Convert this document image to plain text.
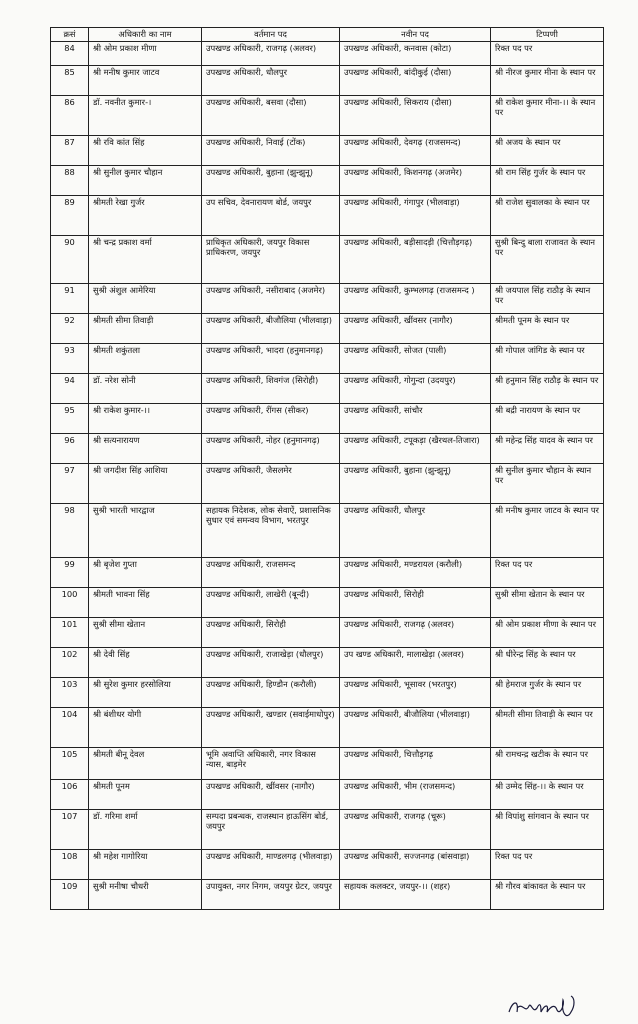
क्रसं	अधिकारी का नाम	वर्तमान पद	नवीन पद	टिप्पणी
84	श्री ओम प्रकाश मीणा	उपखण्ड अधिकारी, राजगढ़ (अलवर)	उपखण्ड अधिकारी, कनवास (कोटा)	रिक्त पद पर
85	श्री मनीष कुमार जाटव	उपखण्ड अधिकारी, धौलपुर	उपखण्ड अधिकारी, बांदीकुई (दौसा)	श्री नीरज कुमार मीना के स्थान पर
86	डॉ. नवनीत कुमार-।	उपखण्ड अधिकारी, बसवा (दौसा)	उपखण्ड अधिकारी, सिकराय (दौसा)	श्री राकेश कुमार मीना-।। के स्थान पर
87	श्री रवि कांत सिंह	उपखण्ड अधिकारी, निवाई (टोंक)	उपखण्ड अधिकारी, देवगढ़ (राजसमन्द)	श्री अजय के स्थान पर
88	श्री सुनील कुमार चौहान	उपखण्ड अधिकारी, बुहाना (झुन्झुनू)	उपखण्ड अधिकारी, किशनगढ़ (अजमेर)	श्री राम सिंह गुर्जर के स्थान पर
89	श्रीमती रेखा गुर्जर	उप सचिव, देवनारायण बोर्ड, जयपुर	उपखण्ड अधिकारी, गंगापुर (भीलवाड़ा)	श्री राजेश सुवालका के स्थान पर
90	श्री चन्द्र प्रकाश वर्मा	प्राधिकृत अधिकारी, जयपुर विकास प्राधिकरण, जयपुर	उपखण्ड अधिकारी, बड़ीसादड़ी (चित्तौड़गढ़)	सुश्री बिन्दु बाला राजावत के स्थान पर
91	सुश्री अंशुल आमेरिया	उपखण्ड अधिकारी, नसीराबाद (अजमेर)	उपखण्ड अधिकारी, कुम्भलगढ़ (राजसमन्द )	श्री जयपाल सिंह राठौड़ के स्थान पर
92	श्रीमती सीमा तिवाड़ी	उपखण्ड अधिकारी, बीजौलिया (भीलवाड़ा)	उपखण्ड अधिकारी, खींवसर (नागौर)	श्रीमती पूनम के स्थान पर
93	श्रीमती शकुंतला	उपखण्ड अधिकारी, भादरा (हनुमानगढ़)	उपखण्ड अधिकारी, सोजत (पाली)	श्री गोपाल जांगिड के स्थान पर
94	डॉ. नरेश सोनी	उपखण्ड अधिकारी, शिवगंज (सिरोही)	उपखण्ड अधिकारी, गोगुन्दा (उदयपुर)	श्री हनुमान सिंह राठौड़ के स्थान पर
95	श्री राकेश कुमार-।।	उपखण्ड अधिकारी, रींगस (सीकर)	उपखण्ड अधिकारी, सांचौर	श्री बद्री नारायण के स्थान पर
96	श्री सत्यनारायण	उपखण्ड अधिकारी, नोहर (हनुमानगढ़)	उपखण्ड अधिकारी, टपूकड़ा (खैरथल-तिजारा)	श्री महेन्द्र सिंह यादव के स्थान पर
97	श्री जगदीश सिंह आशिया	उपखण्ड अधिकारी, जैसलमेर	उपखण्ड अधिकारी, बुहाना (झुन्झुनू)	श्री सुनील कुमार चौहान के स्थान पर
98	सुश्री भारती भारद्वाज	सहायक निदेशक, लोक सेवाऐं, प्रशासनिक सुधार एवं समन्वय विभाग, भरतपुर	उपखण्ड अधिकारी, धौलपुर	श्री मनीष कुमार जाटव के स्थान पर
99	श्री बृजेश गुप्ता	उपखण्ड अधिकारी, राजसमन्द	उपखण्ड अधिकारी, मण्डरायल (करौली)	रिक्त पद पर
100	श्रीमती भावना सिंह	उपखण्ड अधिकारी, लाखेरी (बून्दी)	उपखण्ड अधिकारी, सिरोही	सुश्री सीमा खेतान के स्थान पर
101	सुश्री सीमा खेतान	उपखण्ड अधिकारी, सिरोही	उपखण्ड अधिकारी, राजगढ़ (अलवर)	श्री ओम प्रकाश मीणा के स्थान पर
102	श्री देवी सिंह	उपखण्ड अधिकारी, राजाखेड़ा (धौलपुर)	उप खण्ड अधिकारी, मालाखेड़ा (अलवर)	श्री धीरेन्द्र सिंह के स्थान पर
103	श्री सुरेश कुमार हरसोलिया	उपखण्ड अधिकारी, हिण्डौन (करौली)	उपखण्ड अधिकारी, भूसावर (भरतपुर)	श्री हेमराज गुर्जर के स्थान पर
104	श्री बंशीधर योगी	उपखण्ड अधिकारी, खण्डार (सवाईमाधोपुर)	उपखण्ड अधिकारी, बीजौलिया (भीलवाड़ा)	श्रीमती सीमा तिवाड़ी के स्थान पर
105	श्रीमती बीनू देवल	भूमि अवाप्ति अधिकारी, नगर विकास न्यास, बाड़मेर	उपखण्ड अधिकारी, चित्तौड़गढ़	श्री रामचन्द्र खटीक के स्थान पर
106	श्रीमती पूनम	उपखण्ड अधिकारी, खींवसर (नागौर)	उपखण्ड अधिकारी, भीम (राजसमन्द)	श्री उम्मेद सिंह-।। के स्थान पर
107	डॉ. गरिमा शर्मा	सम्पदा प्रबन्धक, राजस्थान हाऊसिंग बोर्ड, जयपुर	उपखण्ड अधिकारी, राजगढ़ (चूरू)	श्री विपांशु सांगवान के स्थान पर
108	श्री महेश गागोरिया	उपखण्ड अधिकारी, माण्डलगढ़ (भीलवाड़ा)	उपखण्ड अधिकारी, सज्जनगढ़ (बांसवाड़ा)	रिक्त पद पर
109	सुश्री मनीषा चौधरी	उपायुक्त, नगर निगम, जयपुर ग्रेटर, जयपुर	सहायक कलक्टर, जयपुर-।। (शहर)	श्री गौरव बांकावत के स्थान पर
